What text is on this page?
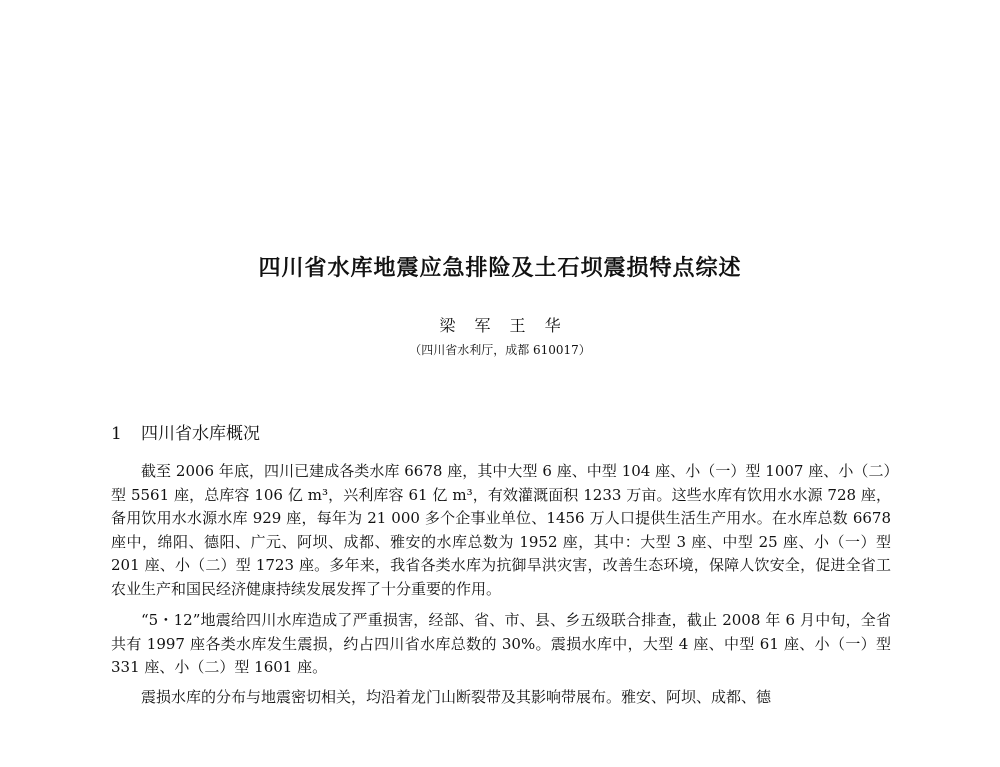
四川省水库地震应急排险及土石坝震损特点综述
梁 军 王 华
（四川省水利厅，成都 610017）
1 四川省水库概况

截至 2006 年底，四川已建成各类水库 6678 座，其中大型 6 座、中型 104 座、小（一）型 1007 座、小（二）型 5561 座，总库容 106 亿 m³，兴利库容 61 亿 m³，有效灌溉面积 1233 万亩。这些水库有饮用水水源 728 座，备用饮用水水源水库 929 座，每年为 21 000 多个企事业单位、1456 万人口提供生活生产用水。在水库总数 6678 座中，绵阳、德阳、广元、阿坝、成都、雅安的水库总数为 1952 座，其中：大型 3 座、中型 25 座、小（一）型 201 座、小（二）型 1723 座。多年来，我省各类水库为抗御旱洪灾害，改善生态环境，保障人饮安全，促进全省工农业生产和国民经济健康持续发展发挥了十分重要的作用。

“5・12”地震给四川水库造成了严重损害，经部、省、市、县、乡五级联合排查，截止 2008 年 6 月中旬，全省共有 1997 座各类水库发生震损，约占四川省水库总数的 30%。震损水库中，大型 4 座、中型 61 座、小（一）型 331 座、小（二）型 1601 座。

震损水库的分布与地震密切相关，均沿着龙门山断裂带及其影响带展布。雅安、阿坝、成都、德
